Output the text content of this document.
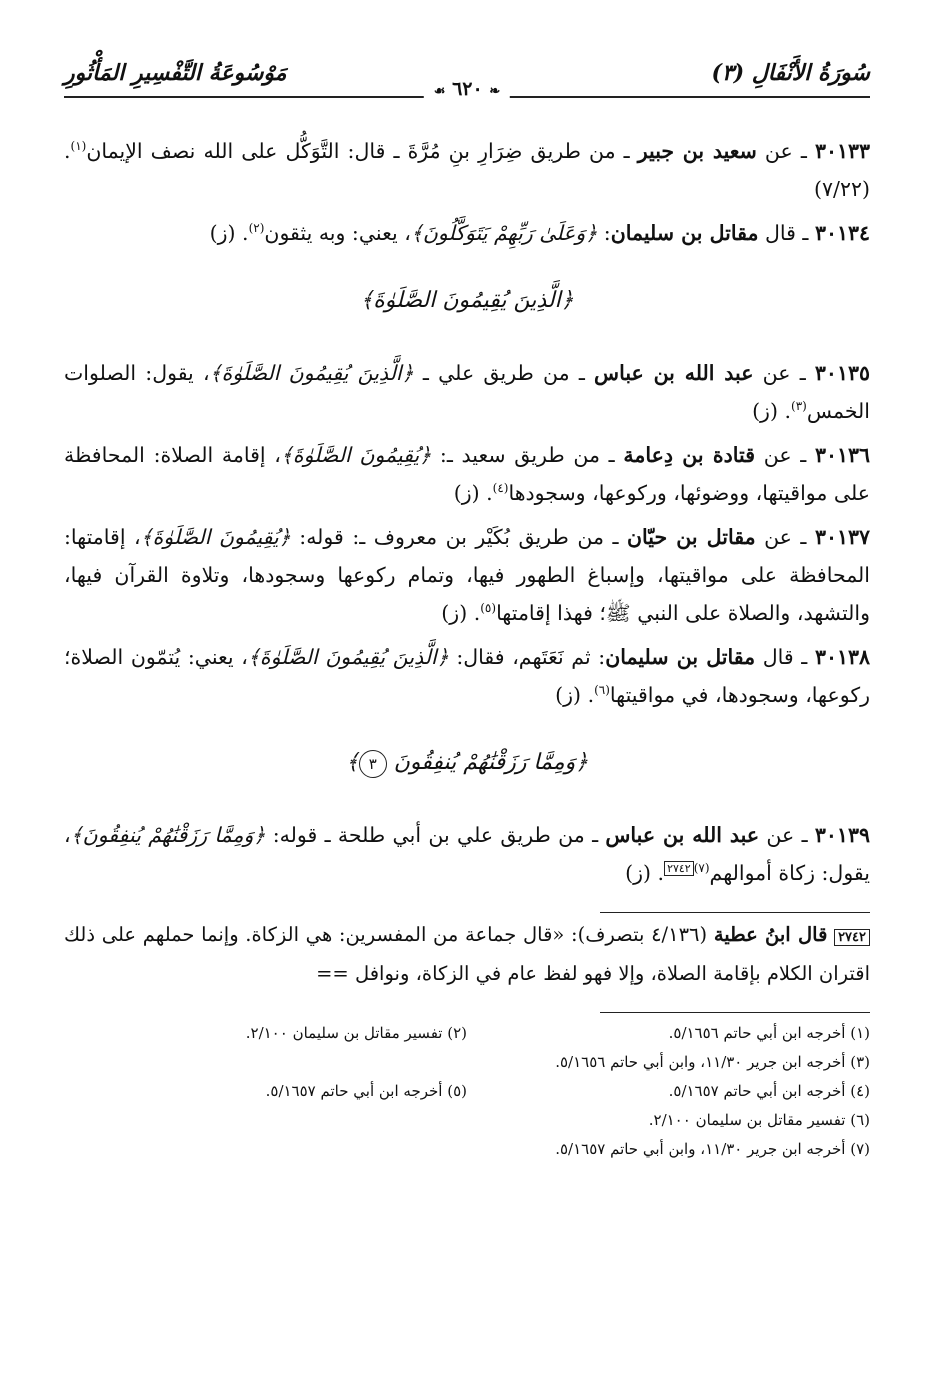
سُورَةُ الأَنْفَالِ (٣)
❧ ٦٢٠ ☙
مَوْسُوعَةُ التَّفْسِيرِ المَأْثُورِ

٣٠١٣٣ ـ عن سعيد بن جبير ـ من طريق ضِرَارِ بنِ مُرَّةَ ـ قال: التَّوَكُّل على الله نصف الإيمان$^{(١)}$. (٧/٢٢)

٣٠١٣٤ ـ قال مقاتل بن سليمان: ﴿وَعَلَىٰ رَبِّهِمْ يَتَوَكَّلُونَ﴾، يعني: وبه يثقون$^{(٢)}$. (ز)

﴿الَّذِينَ يُقِيمُونَ الصَّلَوٰةَ﴾

٣٠١٣٥ ـ عن عبد الله بن عباس ـ من طريق علي ـ ﴿الَّذِينَ يُقِيمُونَ الصَّلَوٰةَ﴾، يقول: الصلوات الخمس$^{(٣)}$. (ز)

٣٠١٣٦ ـ عن قتادة بن دِعامة ـ من طريق سعيد ـ: ﴿يُقِيمُونَ الصَّلَوٰةَ﴾، إقامة الصلاة: المحافظة على مواقيتها، ووضوئها، وركوعها، وسجودها$^{(٤)}$. (ز)

٣٠١٣٧ ـ عن مقاتل بن حيّان ـ من طريق بُكَيْر بن معروف ـ: قوله: ﴿يُقِيمُونَ الصَّلَوٰةَ﴾، إقامتها: المحافظة على مواقيتها، وإسباغ الطهور فيها، وتمام ركوعها وسجودها، وتلاوة القرآن فيها، والتشهد، والصلاة على النبي ﷺ؛ فهذا إقامتها$^{(٥)}$. (ز)

٣٠١٣٨ ـ قال مقاتل بن سليمان: ثم نَعَتَهم، فقال: ﴿الَّذِينَ يُقِيمُونَ الصَّلَوٰةَ﴾، يعني: يُتمّون الصلاة؛ ركوعها، وسجودها، في مواقيتها$^{(٦)}$. (ز)

﴿وَمِمَّا رَزَقْنَٰهُمْ يُنفِقُونَ ٣﴾

٣٠١٣٩ ـ عن عبد الله بن عباس ـ من طريق علي بن أبي طلحة ـ قوله: ﴿وَمِمَّا رَزَقْنَٰهُمْ يُنفِقُونَ﴾، يقول: زكاة أموالهم$^{(٧)٢٧٤٢}$. (ز)

٢٧٤٢ قال ابنُ عطية (٤/١٣٦ بتصرف): «قال جماعة من المفسرين: هي الزكاة. وإنما حملهم على ذلك اقتران الكلام بإقامة الصلاة، وإلا فهو لفظ عام في الزكاة، ونوافل ==

(١) أخرجه ابن أبي حاتم ٥/١٦٥٦.
(٢) تفسير مقاتل بن سليمان ٢/١٠٠.
(٣) أخرجه ابن جرير ١١/٣٠، وابن أبي حاتم ٥/١٦٥٦.
(٤) أخرجه ابن أبي حاتم ٥/١٦٥٧.
(٥) أخرجه ابن أبي حاتم ٥/١٦٥٧.
(٦) تفسير مقاتل بن سليمان ٢/١٠٠.
(٧) أخرجه ابن جرير ١١/٣٠، وابن أبي حاتم ٥/١٦٥٧.
